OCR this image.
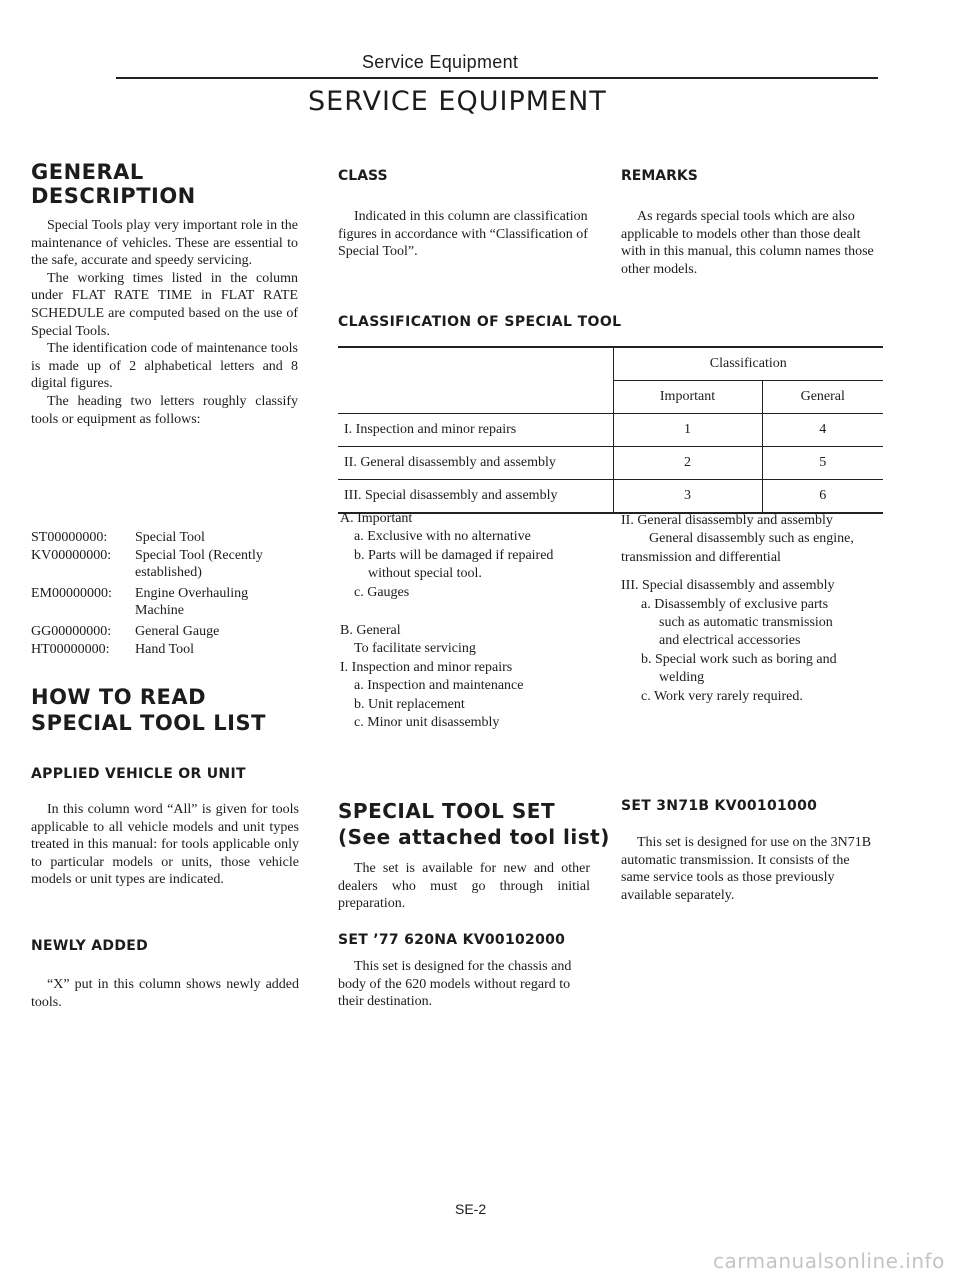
Service Equipment
SERVICE EQUIPMENT
GENERAL
DESCRIPTION

Special Tools play very important role in the maintenance of vehicles. These are essential to the safe, accurate and speedy servicing.

The working times listed in the column under FLAT RATE TIME in FLAT RATE SCHEDULE are computed based on the use of Special Tools.

The identification code of maintenance tools is made up of 2 alphabetical letters and 8 digital figures.

The heading two letters roughly classify tools or equipment as follows:

ST00000000:	Special Tool
KV00000000:	Special Tool (Recently established)
EM00000000:	Engine Overhauling Machine
GG00000000:	General Gauge
HT00000000:	Hand Tool
HOW TO READ
SPECIAL TOOL LIST
APPLIED VEHICLE OR UNIT

In this column word “All” is given for tools applicable to all vehicle models and unit types treated in this manual: for tools applicable only to particular models or units, those vehicle models or unit types are indicated.

NEWLY ADDED

“X” put in this column shows newly added tools.

CLASS

Indicated in this column are classification figures in accordance with “Classification of Special Tool”.

REMARKS

As regards special tools which are also applicable to models other than those dealt with in this manual, this column names those other models.

CLASSIFICATION OF SPECIAL TOOL
	Classification	
	Important	General
I. Inspection and minor repairs	1	4
II. General disassembly and assembly	2	5
III. Special disassembly and assembly	3	6
A. Important
a. Exclusive with no alternative
b. Parts will be damaged if repaired
without special tool.
c. Gauges
B. General
To facilitate servicing
I. Inspection and minor repairs
a. Inspection and maintenance
b. Unit replacement
c. Minor unit disassembly
II. General disassembly and assembly
General disassembly such as engine,
transmission and differential
III. Special disassembly and assembly
a. Disassembly of exclusive parts
such as automatic transmission
and electrical accessories
b. Special work such as boring and
welding
c. Work very rarely required.
SPECIAL TOOL SET
(See attached tool list)

The set is available for new and other dealers who must go through initial preparation.

SET ’77 620NA KV00102000

This set is designed for the chassis and body of the 620 models without regard to their destination.

SET 3N71B KV00101000

This set is designed for use on the 3N71B automatic transmission. It consists of the same service tools as those previously available separately.

SE-2
carmanualsonline.info
